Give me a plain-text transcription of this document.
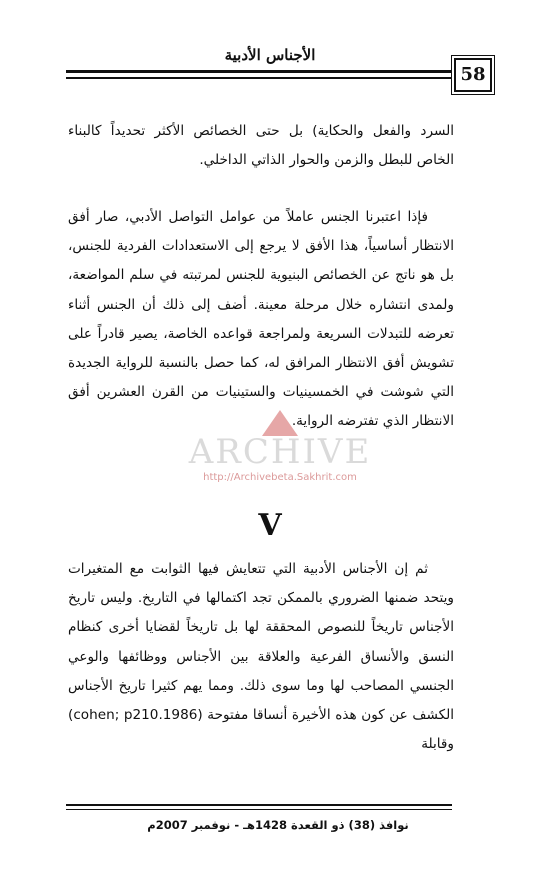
الأجناس الأدبية
58

السرد والفعل والحكاية) بل حتى الخصائص الأكثر تحديداً كالبناء الخاص للبطل والزمن والحوار الذاتي الداخلي.

فإذا اعتبرنا الجنس عاملاً من عوامل التواصل الأدبي، صار أفق الانتظار أساسياً، هذا الأفق لا يرجع إلى الاستعدادات الفردية للجنس، بل هو ناتج عن الخصائص البنيوية للجنس لمرتبته في سلم المواضعة، ولمدى انتشاره خلال مرحلة معينة. أضف إلى ذلك أن الجنس أثناء تعرضه للتبدلات السريعة ولمراجعة قواعده الخاصة، يصير قادراً على تشويش أفق الانتظار المرافق له، كما حصل بالنسبة للرواية الجديدة التي شوشت في الخمسينيات والستينيات من القرن العشرين أفق الانتظار الذي تفترضه الرواية.

ARCHIVE
http://Archivebeta.Sakhrit.com
V

ثم إن الأجناس الأدبية التي تتعايش فيها الثوابت مع المتغيرات ويتحد ضمنها الضروري بالممكن تجد اكتمالها في التاريخ. وليس تاريخ الأجناس تاريخاً للنصوص المحققة لها بل تاريخاً لقضايا أخرى كنظام النسق والأنساق الفرعية والعلاقة بين الأجناس ووظائفها والوعي الجنسي المصاحب لها وما سوى ذلك. ومما يهم كثيرا تاريخ الأجناس الكشف عن كون هذه الأخيرة أنساقا مفتوحة (cohen; p210.1986) وقابلة

نوافذ (38) ذو القعدة 1428هـ - نوفمبر 2007م
